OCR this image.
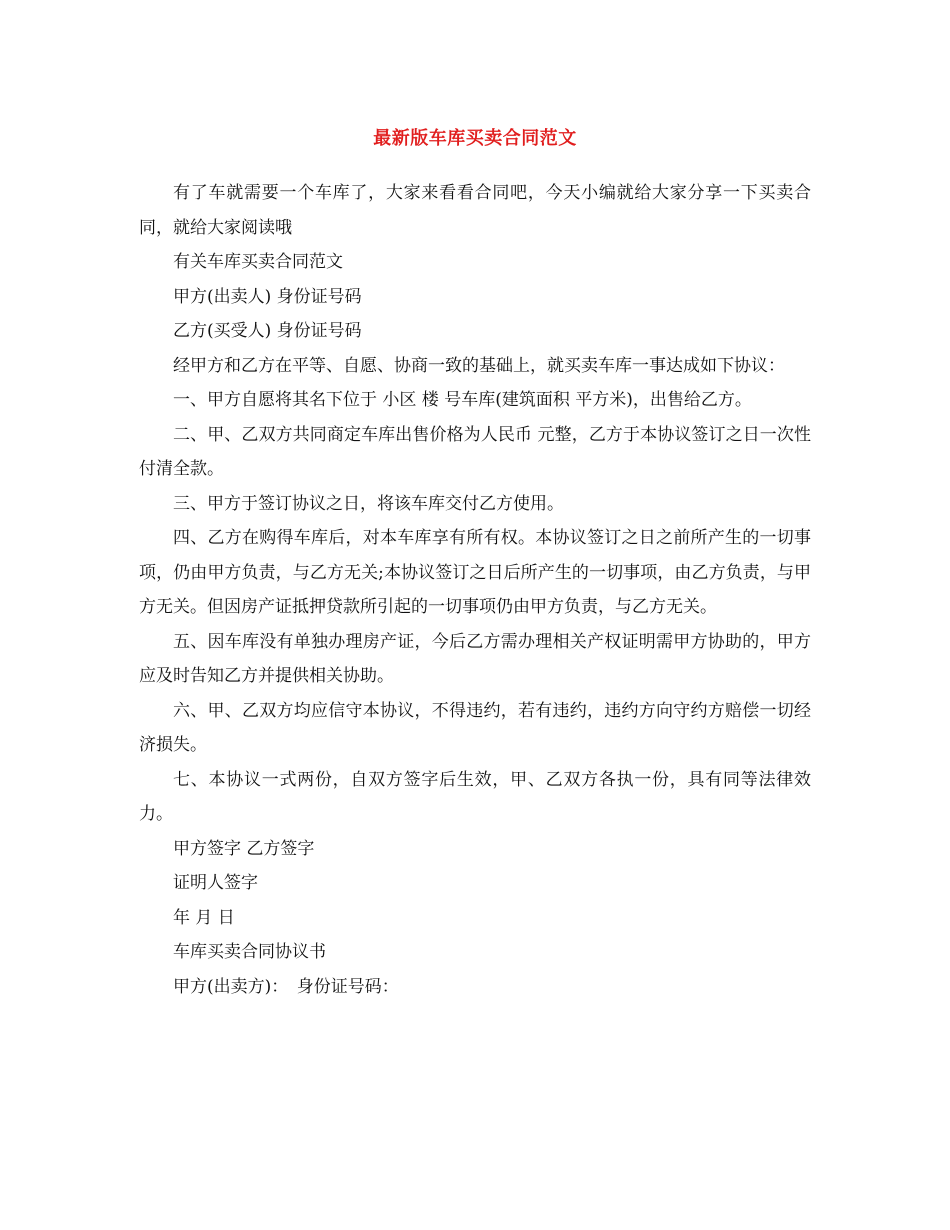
最新版车库买卖合同范文

有了车就需要一个车库了，大家来看看合同吧，今天小编就给大家分享一下买卖合同，就给大家阅读哦

有关车库买卖合同范文

甲方(出卖人) 身份证号码

乙方(买受人) 身份证号码

经甲方和乙方在平等、自愿、协商一致的基础上，就买卖车库一事达成如下协议：

一、甲方自愿将其名下位于 小区 楼 号车库(建筑面积 平方米)，出售给乙方。

二、甲、乙双方共同商定车库出售价格为人民币 元整，乙方于本协议签订之日一次性付清全款。

三、甲方于签订协议之日，将该车库交付乙方使用。

四、乙方在购得车库后，对本车库享有所有权。本协议签订之日之前所产生的一切事项，仍由甲方负责，与乙方无关;本协议签订之日后所产生的一切事项，由乙方负责，与甲方无关。但因房产证抵押贷款所引起的一切事项仍由甲方负责，与乙方无关。

五、因车库没有单独办理房产证，今后乙方需办理相关产权证明需甲方协助的，甲方应及时告知乙方并提供相关协助。

六、甲、乙双方均应信守本协议，不得违约，若有违约，违约方向守约方赔偿一切经济损失。

七、本协议一式两份，自双方签字后生效，甲、乙双方各执一份，具有同等法律效力。

甲方签字 乙方签字

证明人签字

年 月 日

车库买卖合同协议书

甲方(出卖方)：　身份证号码：
